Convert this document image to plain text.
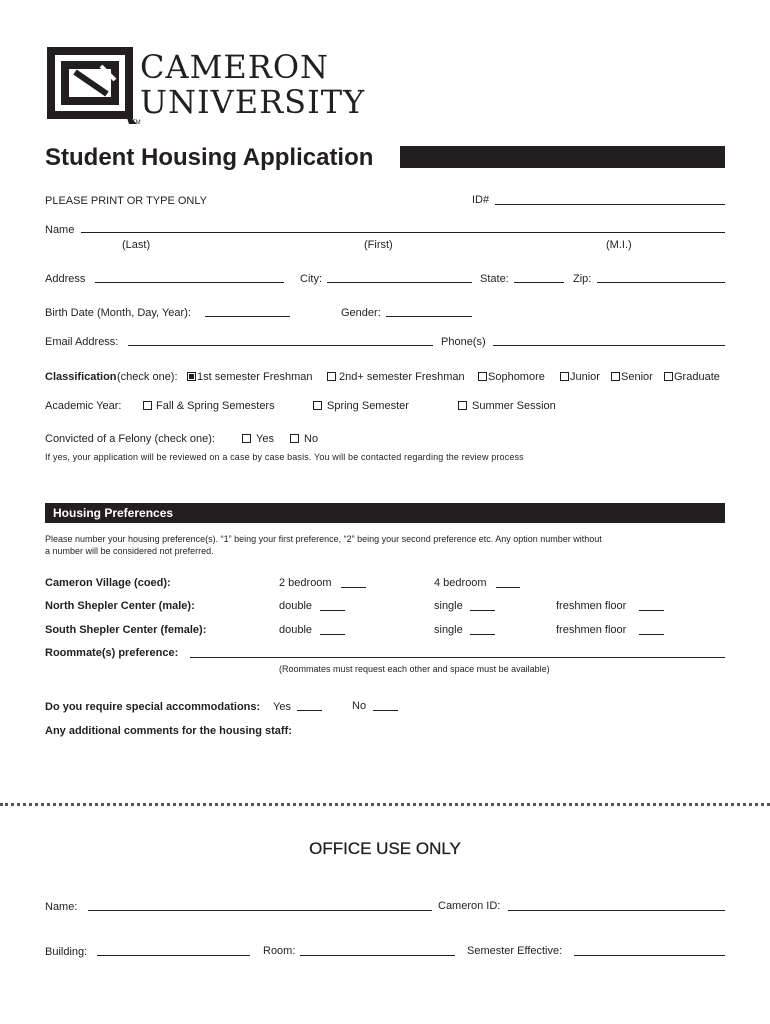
CAMERON
UNIVERSITY
TM
Student Housing Application
PLEASE PRINT OR TYPE ONLY	ID#
Name
(Last)	(First)	(M.I.)
Address	City:	State:	Zip:
Birth Date (Month, Day, Year):	Gender:
Email Address:	Phone(s)
Classification (check one): 1st semester Freshman 2nd+ semester Freshman Sophomore Junior Senior Graduate
Academic Year:	Fall & Spring Semesters	Spring Semester	Summer Session
Convicted of a Felony (check one):	Yes	No
If yes, your application will be reviewed on a case by case basis. You will be contacted regarding the review process
Housing Preferences
Please number your housing preference(s). “1” being your first preference, “2” being your second preference etc. Any option number without
a number will be considered not preferred.
Cameron Village (coed):	2 bedroom	4 bedroom
North Shepler Center (male):	double	single	freshmen floor
South Shepler Center (female):	double	single	freshmen floor
Roommate(s) preference:
(Roommates must request each other and space must be available)
Do you require special accommodations: Yes	No
Any additional comments for the housing staff:
OFFICE USE ONLY
Name:	Cameron ID:
Building:	Room:	Semester Effective:
